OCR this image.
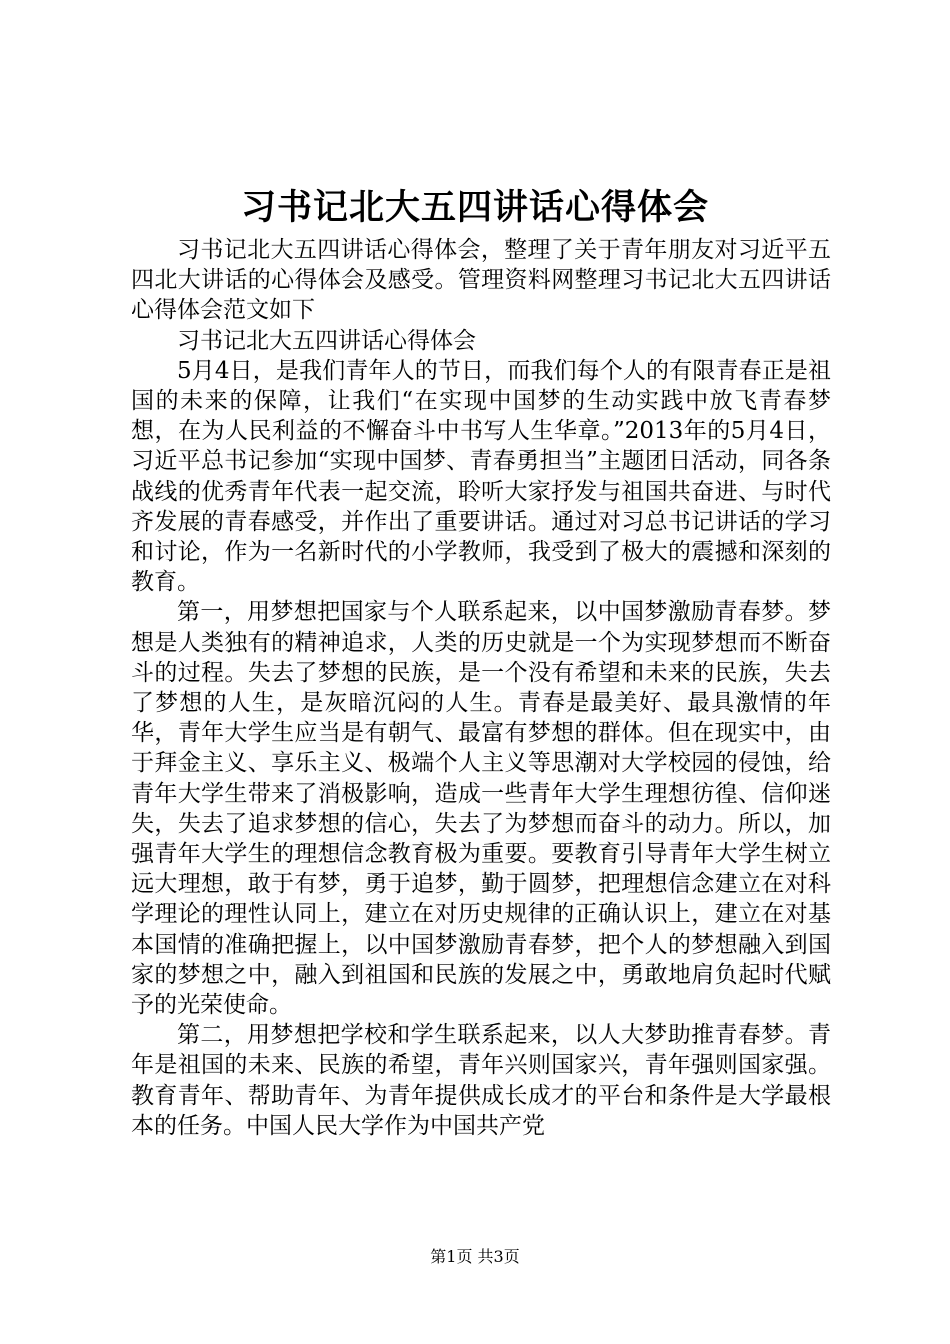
习书记北大五四讲话心得体会

习书记北大五四讲话心得体会，整理了关于青年朋友对习近平五四北大讲话的心得体会及感受。管理资料网整理习书记北大五四讲话心得体会范文如下

习书记北大五四讲话心得体会

5月4日，是我们青年人的节日，而我们每个人的有限青春正是祖国的未来的保障，让我们“在实现中国梦的生动实践中放飞青春梦想，在为人民利益的不懈奋斗中书写人生华章。”2013年的5月4日，习近平总书记参加“实现中国梦、青春勇担当”主题团日活动，同各条战线的优秀青年代表一起交流，聆听大家抒发与祖国共奋进、与时代齐发展的青春感受，并作出了重要讲话。通过对习总书记讲话的学习和讨论，作为一名新时代的小学教师，我受到了极大的震撼和深刻的教育。

第一，用梦想把国家与个人联系起来，以中国梦激励青春梦。梦想是人类独有的精神追求，人类的历史就是一个为实现梦想而不断奋斗的过程。失去了梦想的民族，是一个没有希望和未来的民族，失去了梦想的人生，是灰暗沉闷的人生。青春是最美好、最具激情的年华，青年大学生应当是有朝气、最富有梦想的群体。但在现实中，由于拜金主义、享乐主义、极端个人主义等思潮对大学校园的侵蚀，给青年大学生带来了消极影响，造成一些青年大学生理想彷徨、信仰迷失，失去了追求梦想的信心，失去了为梦想而奋斗的动力。所以，加强青年大学生的理想信念教育极为重要。要教育引导青年大学生树立远大理想，敢于有梦，勇于追梦，勤于圆梦，把理想信念建立在对科学理论的理性认同上，建立在对历史规律的正确认识上，建立在对基本国情的准确把握上，以中国梦激励青春梦，把个人的梦想融入到国家的梦想之中，融入到祖国和民族的发展之中，勇敢地肩负起时代赋予的光荣使命。

第二，用梦想把学校和学生联系起来，以人大梦助推青春梦。青年是祖国的未来、民族的希望，青年兴则国家兴，青年强则国家强。教育青年、帮助青年、为青年提供成长成才的平台和条件是大学最根本的任务。中国人民大学作为中国共产党

第1页 共3页
